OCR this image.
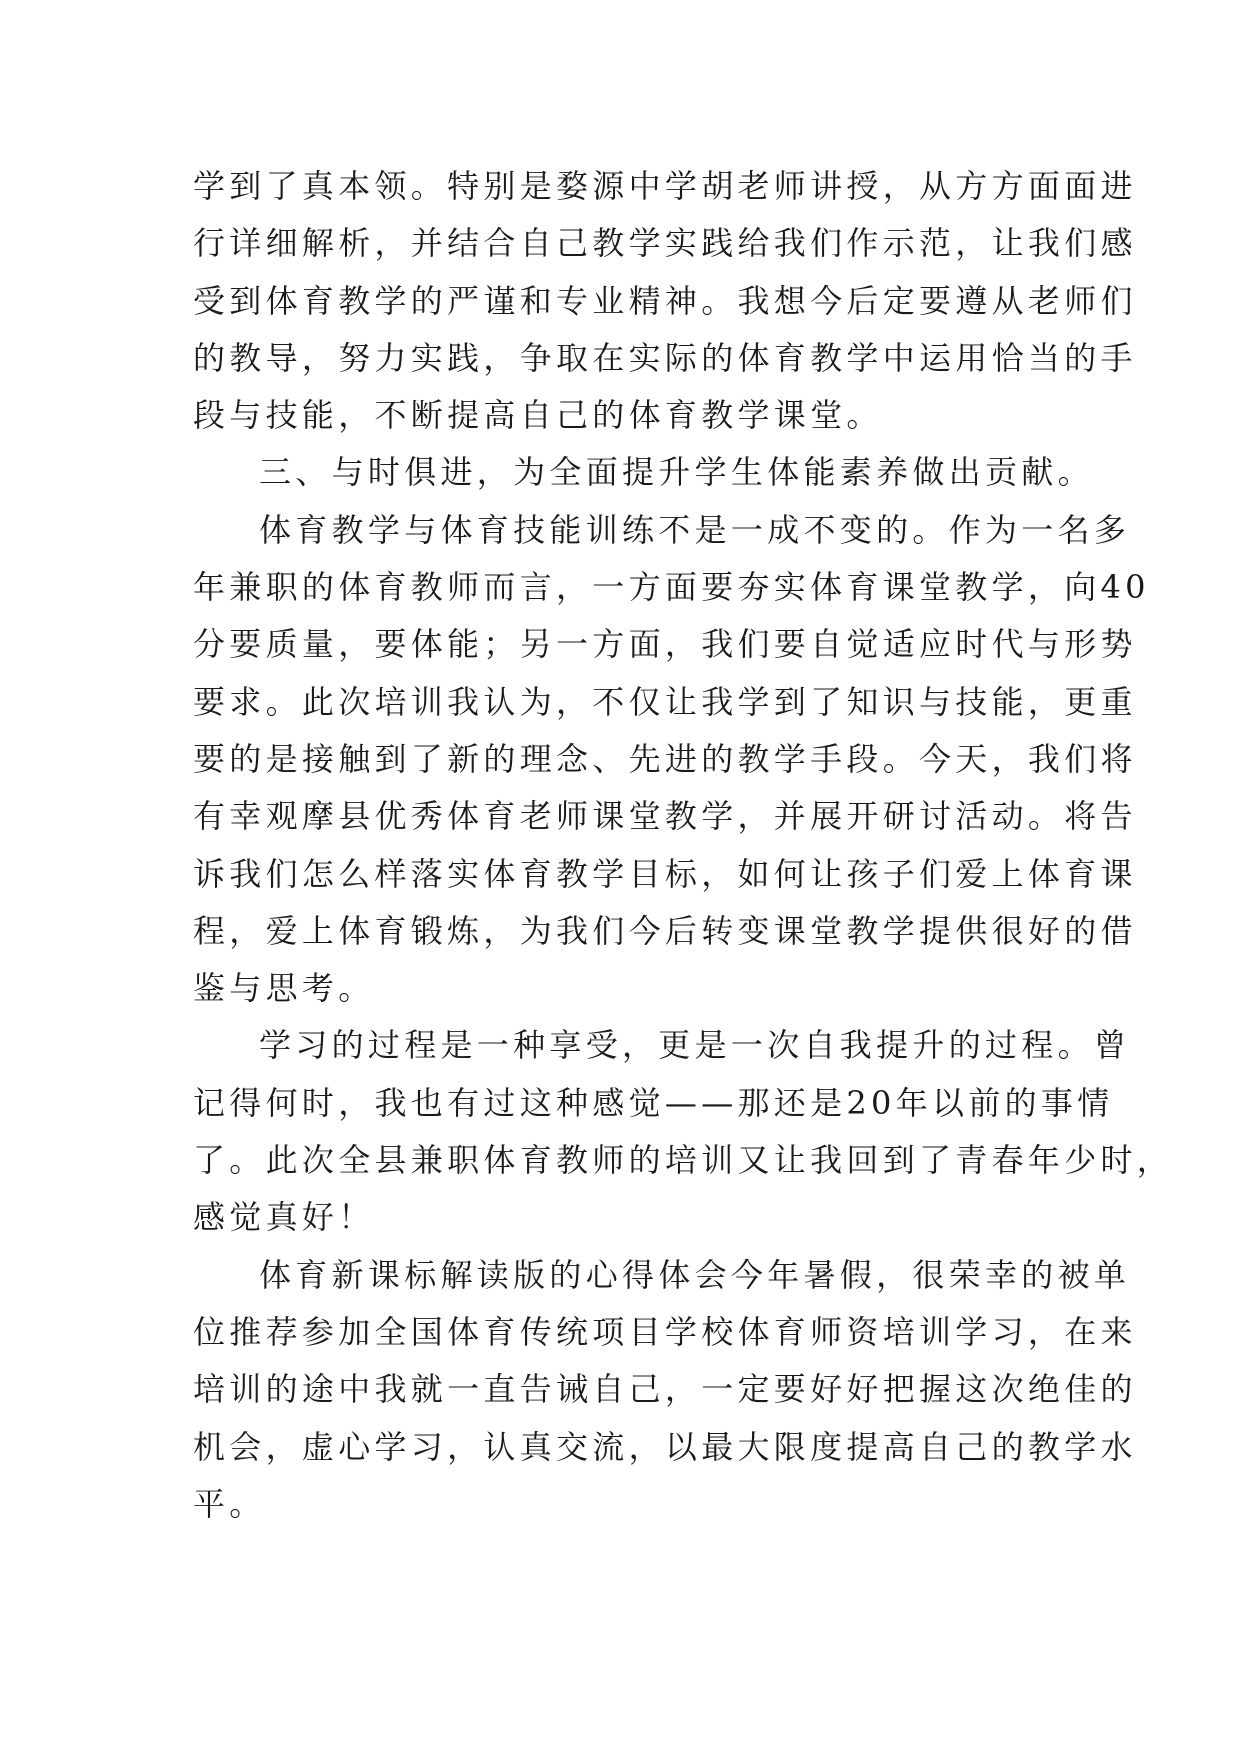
学到了真本领。特别是婺源中学胡老师讲授，从方方面面进
行详细解析，并结合自己教学实践给我们作示范，让我们感
受到体育教学的严谨和专业精神。我想今后定要遵从老师们
的教导，努力实践，争取在实际的体育教学中运用恰当的手
段与技能，不断提高自己的体育教学课堂。
三、与时俱进，为全面提升学生体能素养做出贡献。
体育教学与体育技能训练不是一成不变的。作为一名多
年兼职的体育教师而言，一方面要夯实体育课堂教学，向40
分要质量，要体能；另一方面，我们要自觉适应时代与形势
要求。此次培训我认为，不仅让我学到了知识与技能，更重
要的是接触到了新的理念、先进的教学手段。今天，我们将
有幸观摩县优秀体育老师课堂教学，并展开研讨活动。将告
诉我们怎么样落实体育教学目标，如何让孩子们爱上体育课
程，爱上体育锻炼，为我们今后转变课堂教学提供很好的借
鉴与思考。
学习的过程是一种享受，更是一次自我提升的过程。曾
记得何时，我也有过这种感觉——那还是20年以前的事情
了。此次全县兼职体育教师的培训又让我回到了青春年少时，
感觉真好！
体育新课标解读版的心得体会今年暑假，很荣幸的被单
位推荐参加全国体育传统项目学校体育师资培训学习，在来
培训的途中我就一直告诫自己，一定要好好把握这次绝佳的
机会，虚心学习，认真交流，以最大限度提高自己的教学水
平。
